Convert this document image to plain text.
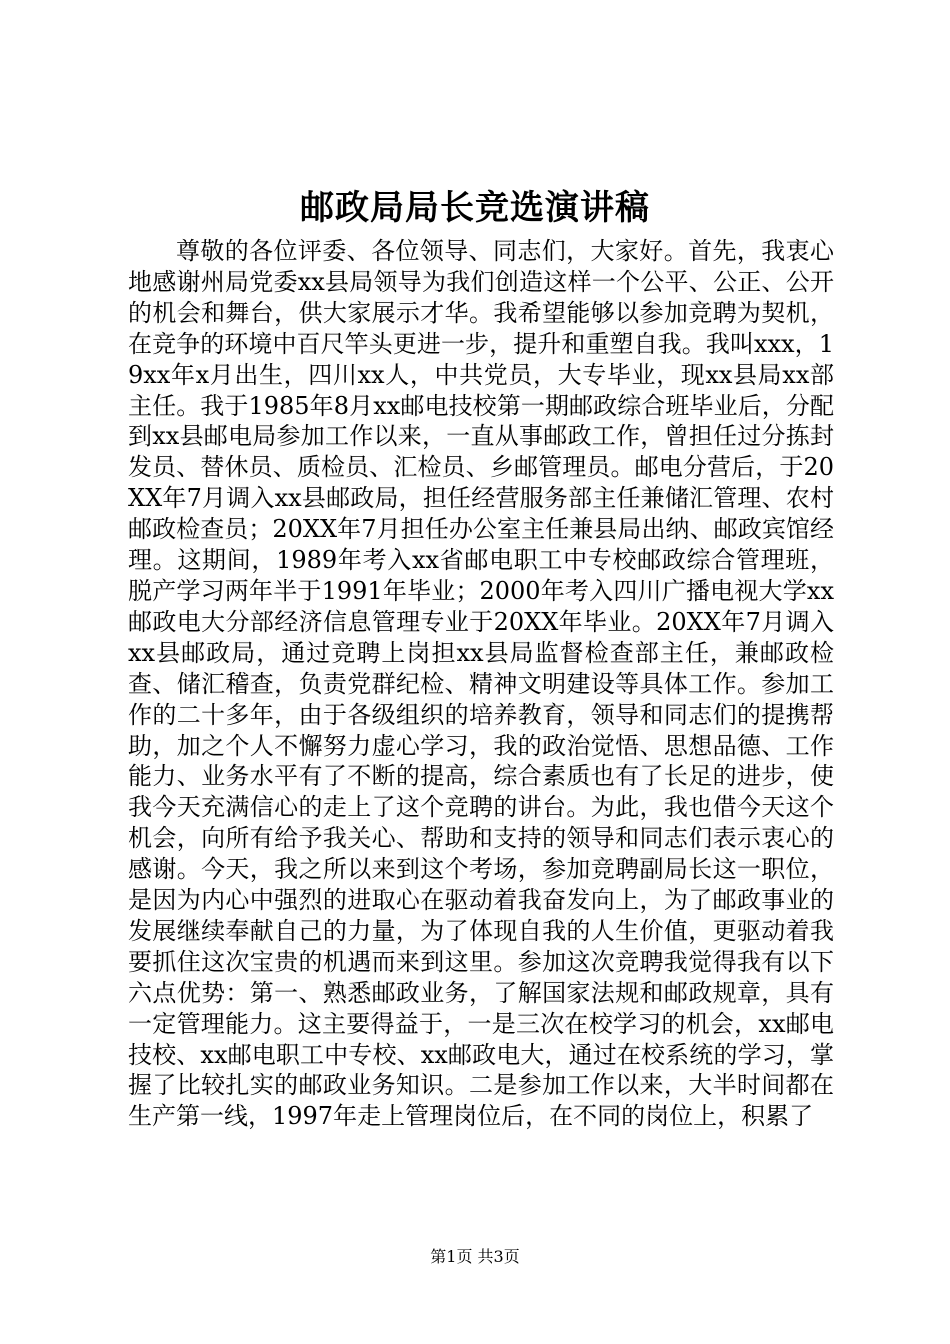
邮政局局长竞选演讲稿

尊敬的各位评委、各位领导、同志们，大家好。首先，我衷心地感谢州局党委xx县局领导为我们创造这样一个公平、公正、公开的机会和舞台，供大家展示才华。我希望能够以参加竞聘为契机，在竞争的环境中百尺竿头更进一步，提升和重塑自我。我叫xxx，19xx年x月出生，四川xx人，中共党员，大专毕业，现xx县局xx部主任。我于1985年8月xx邮电技校第一期邮政综合班毕业后，分配到xx县邮电局参加工作以来，一直从事邮政工作，曾担任过分拣封发员、替休员、质检员、汇检员、乡邮管理员。邮电分营后，于20XX年7月调入xx县邮政局，担任经营服务部主任兼储汇管理、农村邮政检查员；20XX年7月担任办公室主任兼县局出纳、邮政宾馆经理。这期间，1989年考入xx省邮电职工中专校邮政综合管理班，脱产学习两年半于1991年毕业；2000年考入四川广播电视大学xx邮政电大分部经济信息管理专业于20XX年毕业。20XX年7月调入xx县邮政局，通过竞聘上岗担xx县局监督检查部主任，兼邮政检查、储汇稽查，负责党群纪检、精神文明建设等具体工作。参加工作的二十多年，由于各级组织的培养教育，领导和同志们的提携帮助，加之个人不懈努力虚心学习，我的政治觉悟、思想品德、工作能力、业务水平有了不断的提高，综合素质也有了长足的进步，使我今天充满信心的走上了这个竞聘的讲台。为此，我也借今天这个机会，向所有给予我关心、帮助和支持的领导和同志们表示衷心的感谢。今天，我之所以来到这个考场，参加竞聘副局长这一职位，是因为内心中强烈的进取心在驱动着我奋发向上，为了邮政事业的发展继续奉献自己的力量，为了体现自我的人生价值，更驱动着我要抓住这次宝贵的机遇而来到这里。参加这次竞聘我觉得我有以下六点优势：第一、熟悉邮政业务，了解国家法规和邮政规章，具有一定管理能力。这主要得益于，一是三次在校学习的机会，xx邮电技校、xx邮电职工中专校、xx邮政电大，通过在校系统的学习，掌握了比较扎实的邮政业务知识。二是参加工作以来，大半时间都在生产第一线，1997年走上管理岗位后，在不同的岗位上，积累了

第1页 共3页
